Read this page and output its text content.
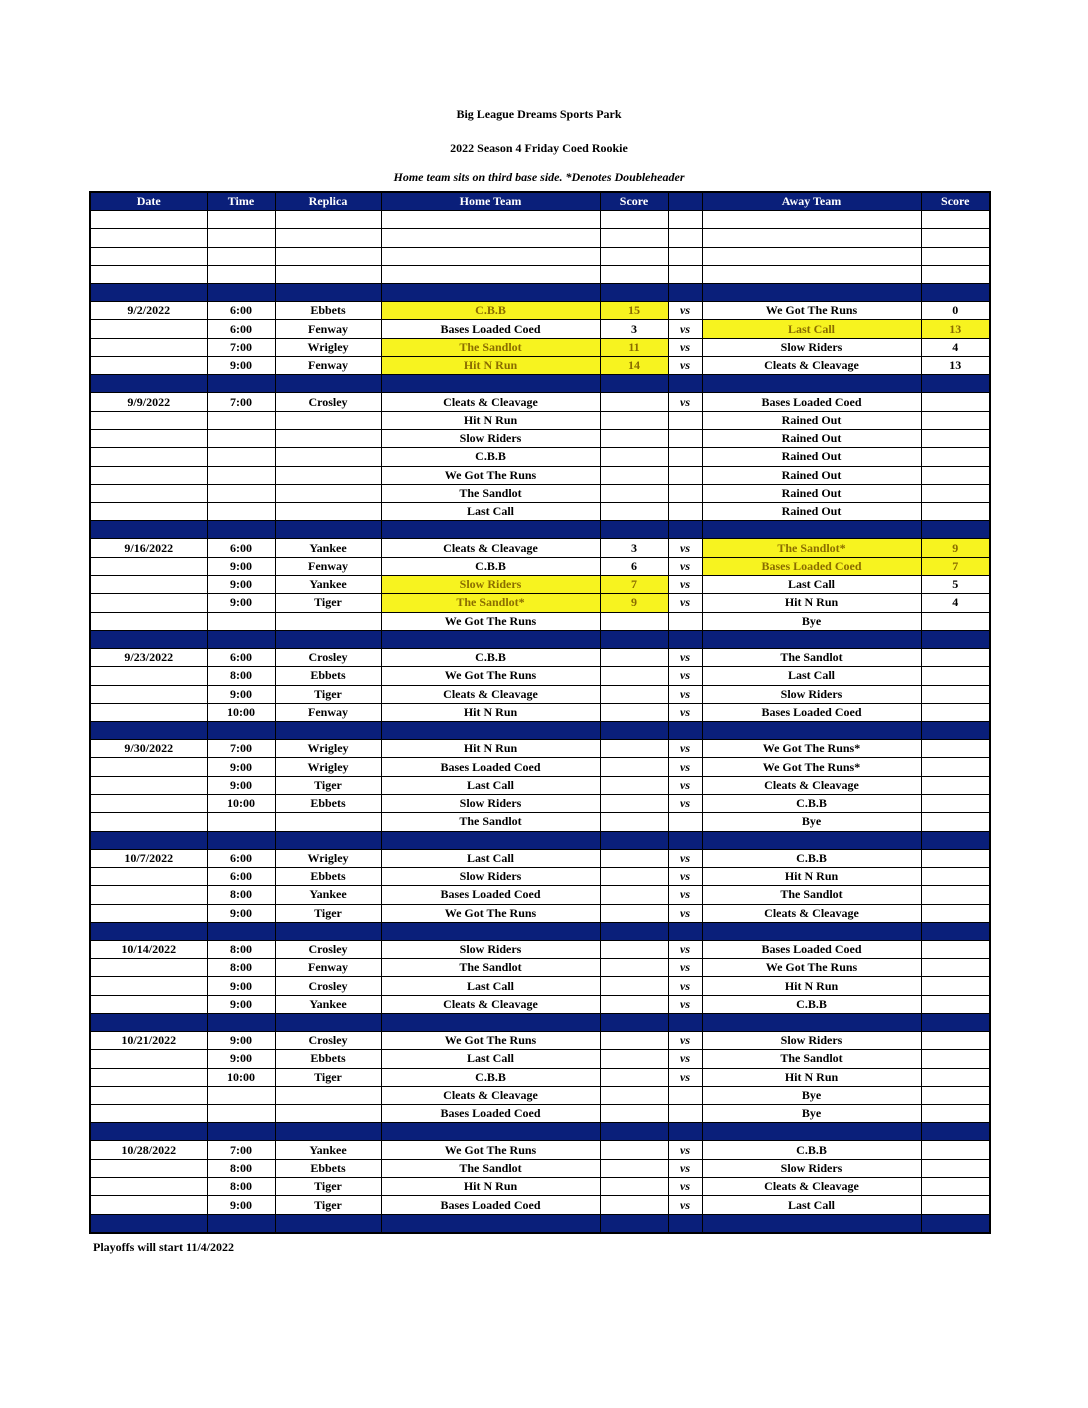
Big League Dreams Sports Park
2022 Season 4 Friday Coed Rookie
Home team sits on third base side. *Denotes Doubleheader
Date	Time	Replica	Home Team	Score		Away Team	Score

9/2/2022	6:00	Ebbets	C.B.B	15	vs	We Got The Runs	0
	6:00	Fenway	Bases Loaded Coed	3	vs	Last Call	13
	7:00	Wrigley	The Sandlot	11	vs	Slow Riders	4
	9:00	Fenway	Hit N Run	14	vs	Cleats & Cleavage	13

9/9/2022	7:00	Crosley	Cleats & Cleavage		vs	Bases Loaded Coed	
			Hit N Run			Rained Out	
			Slow Riders			Rained Out	
			C.B.B			Rained Out	
			We Got The Runs			Rained Out	
			The Sandlot			Rained Out	
			Last Call			Rained Out	

9/16/2022	6:00	Yankee	Cleats & Cleavage	3	vs	The Sandlot*	9
	9:00	Fenway	C.B.B	6	vs	Bases Loaded Coed	7
	9:00	Yankee	Slow Riders	7	vs	Last Call	5
	9:00	Tiger	The Sandlot*	9	vs	Hit N Run	4
			We Got The Runs			Bye	

9/23/2022	6:00	Crosley	C.B.B		vs	The Sandlot	
	8:00	Ebbets	We Got The Runs		vs	Last Call	
	9:00	Tiger	Cleats & Cleavage		vs	Slow Riders	
	10:00	Fenway	Hit N Run		vs	Bases Loaded Coed	

9/30/2022	7:00	Wrigley	Hit N Run		vs	We Got The Runs*	
	9:00	Wrigley	Bases Loaded Coed		vs	We Got The Runs*	
	9:00	Tiger	Last Call		vs	Cleats & Cleavage	
	10:00	Ebbets	Slow Riders		vs	C.B.B	
			The Sandlot			Bye	

10/7/2022	6:00	Wrigley	Last Call		vs	C.B.B	
	6:00	Ebbets	Slow Riders		vs	Hit N Run	
	8:00	Yankee	Bases Loaded Coed		vs	The Sandlot	
	9:00	Tiger	We Got The Runs		vs	Cleats & Cleavage	

10/14/2022	8:00	Crosley	Slow Riders		vs	Bases Loaded Coed	
	8:00	Fenway	The Sandlot		vs	We Got The Runs	
	9:00	Crosley	Last Call		vs	Hit N Run	
	9:00	Yankee	Cleats & Cleavage		vs	C.B.B	

10/21/2022	9:00	Crosley	We Got The Runs		vs	Slow Riders	
	9:00	Ebbets	Last Call		vs	The Sandlot	
	10:00	Tiger	C.B.B		vs	Hit N Run	
			Cleats & Cleavage			Bye	
			Bases Loaded Coed			Bye	

10/28/2022	7:00	Yankee	We Got The Runs		vs	C.B.B	
	8:00	Ebbets	The Sandlot		vs	Slow Riders	
	8:00	Tiger	Hit N Run		vs	Cleats & Cleavage	
	9:00	Tiger	Bases Loaded Coed		vs	Last Call	

Playoffs will start 11/4/2022
